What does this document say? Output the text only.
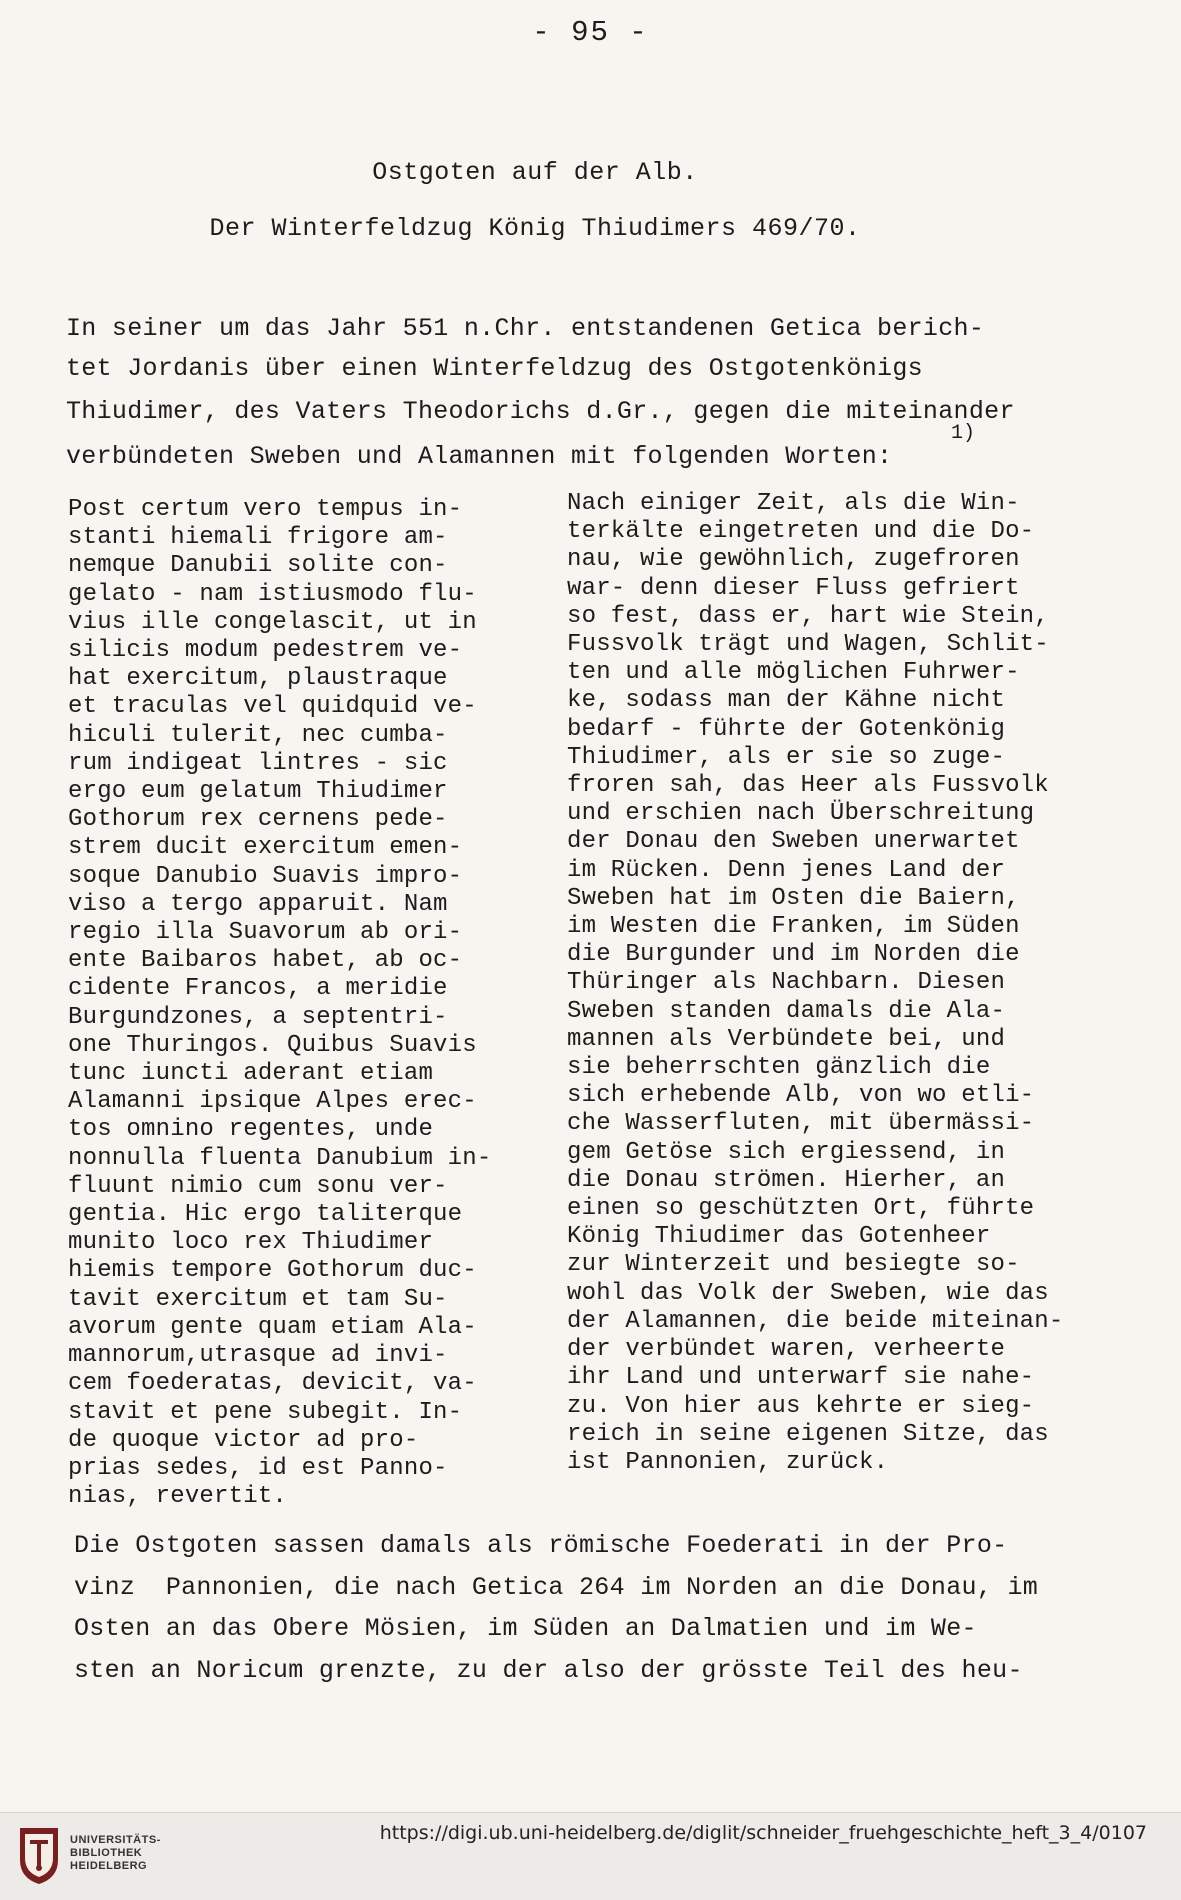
- 95 -
Ostgoten auf der Alb.
Der Winterfeldzug König Thiudimers 469/70.
In seiner um das Jahr 551 n.Chr. entstandenen Getica berich-
tet Jordanis über einen Winterfeldzug des Ostgotenkönigs
Thiudimer, des Vaters Theodorichs d.Gr., gegen die miteinander
verbündeten Sweben und Alamannen mit folgenden Worten:
1)
Post certum vero tempus in-
stanti hiemali frigore am-
nemque Danubii solite con-
gelato - nam istiusmodo flu-
vius ille congelascit, ut in
silicis modum pedestrem ve-
hat exercitum, plaustraque
et traculas vel quidquid ve-
hiculi tulerit, nec cumba-
rum indigeat lintres - sic
ergo eum gelatum Thiudimer
Gothorum rex cernens pede-
strem ducit exercitum emen-
soque Danubio Suavis impro-
viso a tergo apparuit. Nam
regio illa Suavorum ab ori-
ente Baibaros habet, ab oc-
cidente Francos, a meridie
Burgundzones, a septentri-
one Thuringos. Quibus Suavis
tunc iuncti aderant etiam
Alamanni ipsique Alpes erec-
tos omnino regentes, unde
nonnulla fluenta Danubium in-
fluunt nimio cum sonu ver-
gentia. Hic ergo taliterque
munito loco rex Thiudimer
hiemis tempore Gothorum duc-
tavit exercitum et tam Su-
avorum gente quam etiam Ala-
mannorum,utrasque ad invi-
cem foederatas, devicit, va-
stavit et pene subegit. In-
de quoque victor ad pro-
prias sedes, id est Panno-
nias, revertit.
Nach einiger Zeit, als die Win-
terkälte eingetreten und die Do-
nau, wie gewöhnlich, zugefroren
war- denn dieser Fluss gefriert
so fest, dass er, hart wie Stein,
Fussvolk trägt und Wagen, Schlit-
ten und alle möglichen Fuhrwer-
ke, sodass man der Kähne nicht
bedarf - führte der Gotenkönig
Thiudimer, als er sie so zuge-
froren sah, das Heer als Fussvolk
und erschien nach Überschreitung
der Donau den Sweben unerwartet
im Rücken. Denn jenes Land der
Sweben hat im Osten die Baiern,
im Westen die Franken, im Süden
die Burgunder und im Norden die
Thüringer als Nachbarn. Diesen
Sweben standen damals die Ala-
mannen als Verbündete bei, und
sie beherrschten gänzlich die
sich erhebende Alb, von wo etli-
che Wasserfluten, mit übermässi-
gem Getöse sich ergiessend, in
die Donau strömen. Hierher, an
einen so geschützten Ort, führte
König Thiudimer das Gotenheer
zur Winterzeit und besiegte so-
wohl das Volk der Sweben, wie das
der Alamannen, die beide miteinan-
der verbündet waren, verheerte
ihr Land und unterwarf sie nahe-
zu. Von hier aus kehrte er sieg-
reich in seine eigenen Sitze, das
ist Pannonien, zurück.
Die Ostgoten sassen damals als römische Foederati in der Pro-
vinz  Pannonien, die nach Getica 264 im Norden an die Donau, im
Osten an das Obere Mösien, im Süden an Dalmatien und im We-
sten an Noricum grenzte, zu der also der grösste Teil des heu-
UNIVERSITÄTS-
BIBLIOTHEK
HEIDELBERG
https://digi.ub.uni-heidelberg.de/diglit/schneider_fruehgeschichte_heft_3_4/0107
